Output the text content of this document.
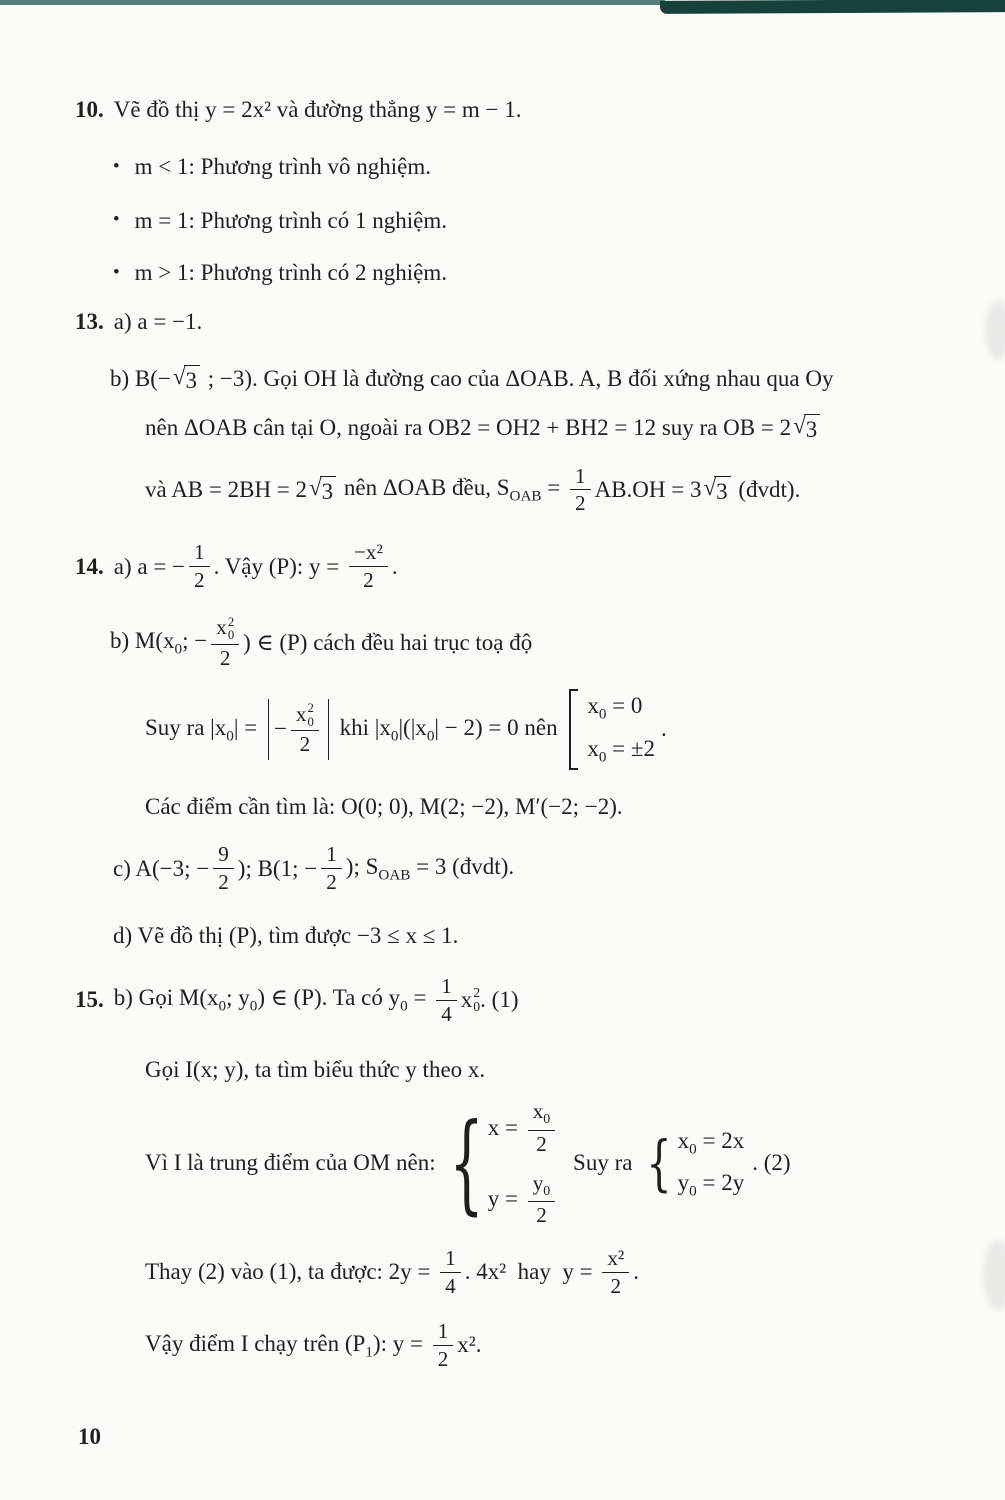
10. Vẽ đồ thị y = 2x² và đường thẳng y = m − 1.
• m < 1: Phương trình vô nghiệm.
• m = 1: Phương trình có 1 nghiệm.
• m > 1: Phương trình có 2 nghiệm.
13. a) a = −1.
b) B(− √ 3 ; −3). Gọi OH là đường cao của ΔOAB. A, B đối xứng nhau qua Oy
nên ΔOAB cân tại O, ngoài ra OB2 = OH2 + BH2 = 12 suy ra OB = 2 √ 3
và AB = 2BH = 2 √ 3 nên ΔOAB đều, $S_{OAB} = \frac{1}{2} AB.OH = 3$ √ 3 (đvdt).
14. a) a = − $\frac{1}{2}$ . Vậy (P): $y = \frac{\text{−x²}}{2}$ .
b) $M(x_0$; − x 2
0
2 ) ∈ (P) cách đều hai trục toạ độ
Suy ra $|x_0|$ = − x 2
0
2 khi $|x_0|(|x_0| - 2) = 0$ nên
$x_0 = 0$
$x_0 = \pm 2$
.
Các điểm cần tìm là: O(0; 0), M(2; −2), M′(−2; −2).
c) A(−3; − $\frac{9}{2}$ ); B(1; − $\frac{1}{2}$ ); $S_{OAB} = 3$ (đvdt).
d) Vẽ đồ thị (P), tìm được −3 ≤ x ≤ 1.
15. b) Gọi $M(x_0$; $y_0$) ∈ (P). Ta có $y_0 = \frac{1}{4}$ x 2
0 . (1)
Gọi I(x; y), ta tìm biểu thức y theo x.
Vì I là trung điểm của OM nên: { $x = \frac{x_0}{2}$
$y = \frac{y_0}{2}$
Suy ra { $x_0 = 2x$
$y_0 = 2y$
. (2)
Thay (2) vào (1), ta được: $2y = \frac{1}{4}$ . 4x²  hay  $y = \frac{\text{x²}}{2}$ .
Vậy điểm I chạy trên $(P_1)$: $y = \frac{1}{2} x^2$.
10
